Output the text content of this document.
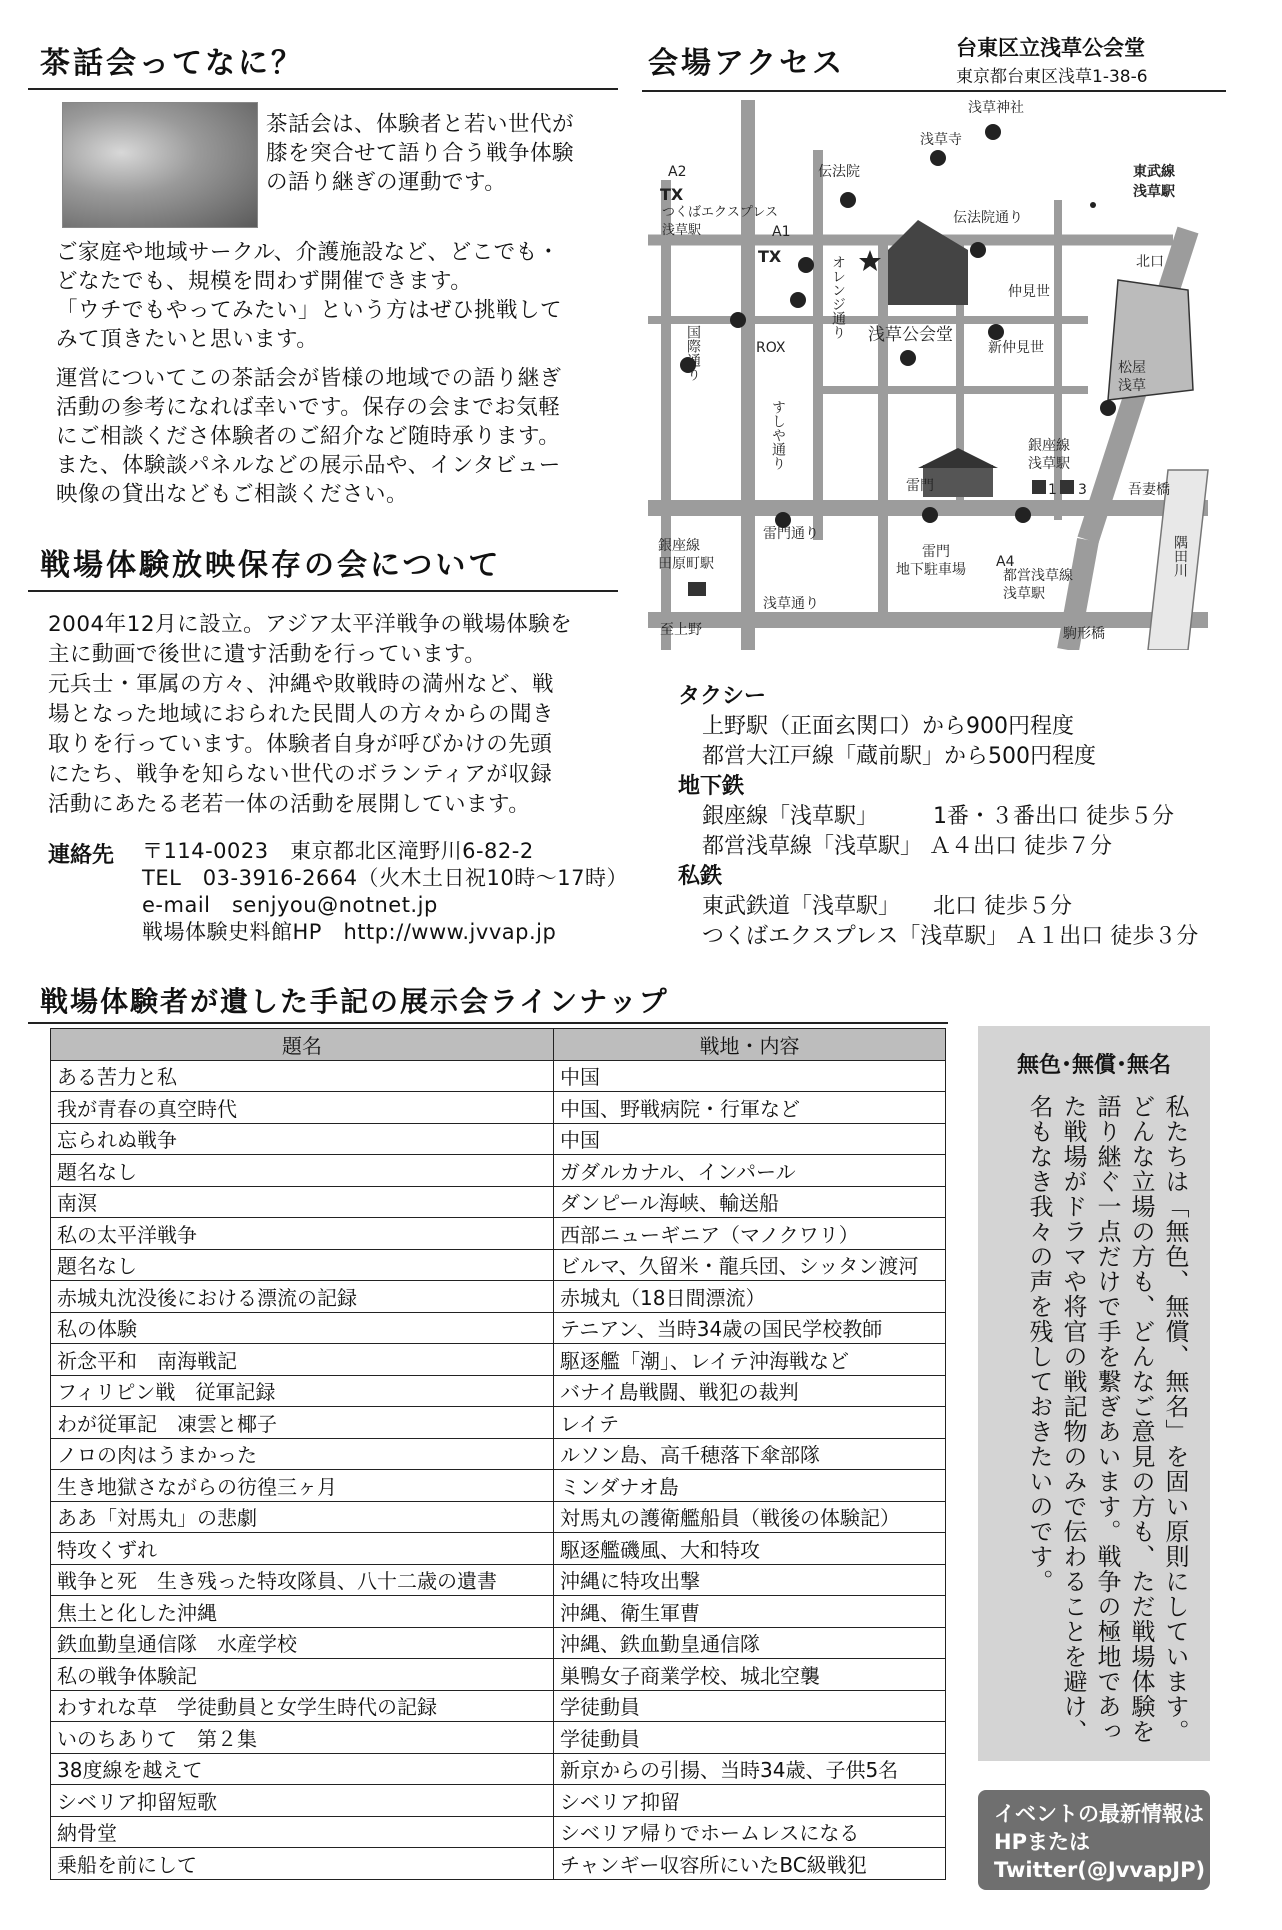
茶話会ってなに？
茶話会は、体験者と若い世代が
膝を突合せて語り合う戦争体験
の語り継ぎの運動です。
ご家庭や地域サークル、介護施設など、どこでも・
どなたでも、規模を問わず開催できます。
「ウチでもやってみたい」という方はぜひ挑戦して
みて頂きたいと思います。
運営についてこの茶話会が皆様の地域での語り継ぎ
活動の参考になれば幸いです。保存の会までお気軽
にご相談くださ体験者のご紹介など随時承ります。
また、体験談パネルなどの展示品や、インタビュー
映像の貸出などもご相談ください。
戦場体験放映保存の会について
2004年12月に設立。アジア太平洋戦争の戦場体験を
主に動画で後世に遺す活動を行っています。
元兵士・軍属の方々、沖縄や敗戦時の満州など、戦
場となった地域におられた民間人の方々からの聞き
取りを行っています。体験者自身が呼びかけの先頭
にたち、戦争を知らない世代のボランティアが収録
活動にあたる老若一体の活動を展開しています。
連絡先 〒114-0023　東京都北区滝野川6-82-2
TEL　03-3916-2664（火木土日祝10時〜17時）
e-mail　senjyou@notnet.jp
戦場体験史料館HP　http://www.jvvap.jp
会場アクセス	台東区立浅草公会堂
東京都台東区浅草1-38-6
浅草神社
浅草寺
伝法院
伝法院通り
東武線
浅草駅
A2
TX
つくばエクスプレス
浅草駅	A1
TX	北口
仲見世
浅草公会堂
ROX	新仲見世
松屋
浅草
銀座線
浅草駅
雷門	1 3	吾妻橋
雷門通り
銀座線
田原町駅
雷門
地下駐車場 A4
都営浅草線
浅草駅
浅草通り
至上野	駒形橋
オレンジ通り
国際通り
すしや通り
隅田川
タクシー
上野駅（正面玄関口）から900円程度
都営大江戸線「蔵前駅」から500円程度
地下鉄
銀座線「浅草駅」　　　1番・３番出口 徒歩５分
都営浅草線「浅草駅」 Ａ４出口 徒歩７分
私鉄
東武鉄道「浅草駅」　　北口 徒歩５分
つくばエクスプレス「浅草駅」 Ａ１出口 徒歩３分
戦場体験者が遺した手記の展示会ラインナップ
題名	戦地・内容
ある苦力と私	中国
我が青春の真空時代	中国、野戦病院・行軍など
忘られぬ戦争	中国
題名なし	ガダルカナル、インパール
南溟	ダンピール海峡、輸送船
私の太平洋戦争	西部ニューギニア（マノクワリ）
題名なし	ビルマ、久留米・龍兵団、シッタン渡河
赤城丸沈没後における漂流の記録	赤城丸（18日間漂流）
私の体験	テニアン、当時34歳の国民学校教師
祈念平和　南海戦記	駆逐艦「潮」、レイテ沖海戦など
フィリピン戦　従軍記録	バナイ島戦闘、戦犯の裁判
わが従軍記　凍雲と椰子	レイテ
ノロの肉はうまかった	ルソン島、高千穂落下傘部隊
生き地獄さながらの彷徨三ヶ月	ミンダナオ島
ああ「対馬丸」の悲劇	対馬丸の護衛艦船員（戦後の体験記）
特攻くずれ	駆逐艦磯風、大和特攻
戦争と死　生き残った特攻隊員、八十二歳の遺書	沖縄に特攻出撃
焦土と化した沖縄	沖縄、衛生軍曹
鉄血勤皇通信隊　水産学校	沖縄、鉄血勤皇通信隊
私の戦争体験記	巣鴨女子商業学校、城北空襲
わすれな草　学徒動員と女学生時代の記録	学徒動員
いのちありて　第２集	学徒動員
38度線を越えて	新京からの引揚、当時34歳、子供5名
シベリア抑留短歌	シベリア抑留
納骨堂	シベリア帰りでホームレスになる
乗船を前にして	チャンギー収容所にいたBC級戦犯
無色･無償･無名
私たちは「無色、無償、無名」を固い原則にしています。どんな立場の方も、どんなご意見の方も、ただ戦場体験を語り継ぐ一点だけで手を繋ぎあいます。戦争の極地であった戦場がドラマや将官の戦記物のみで伝わることを避け、名もなき我々の声を残しておきたいのです。
イベントの最新情報は
HPまたは
Twitter(@JvvapJP)へ
